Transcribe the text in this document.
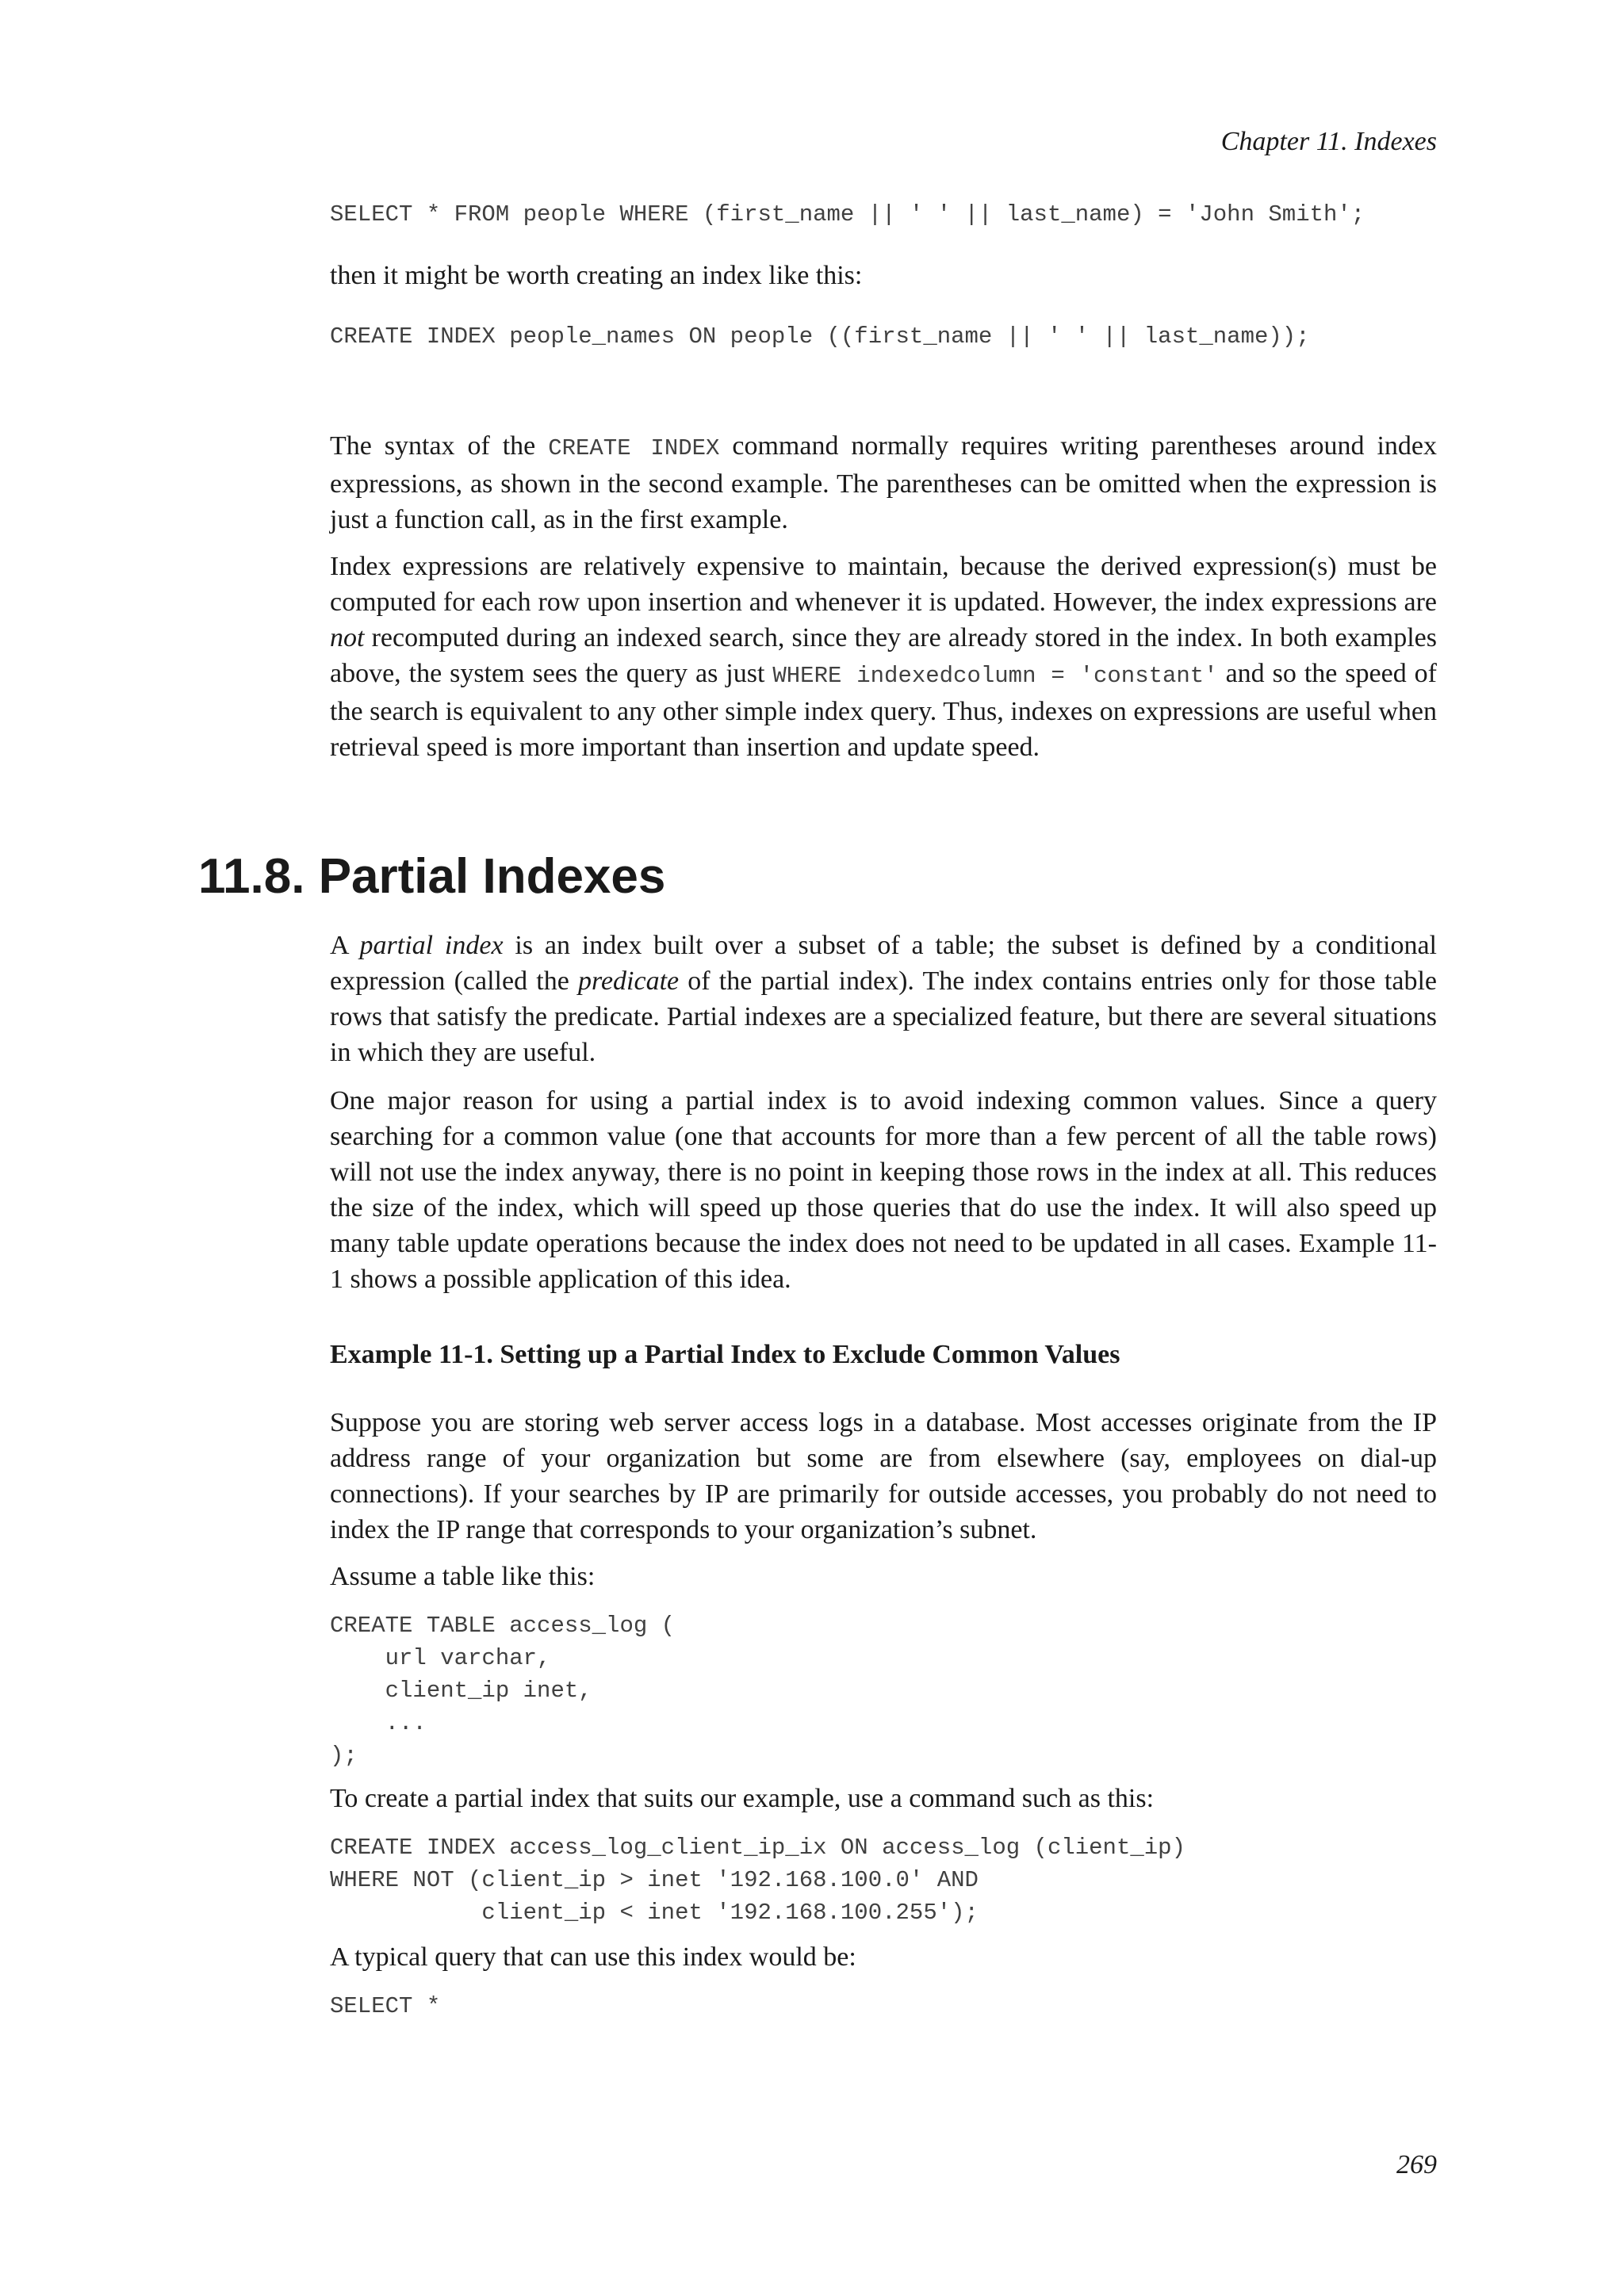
Chapter 11. Indexes
SELECT * FROM people WHERE (first_name || ' ' || last_name) = 'John Smith';

then it might be worth creating an index like this:

CREATE INDEX people_names ON people ((first_name || ' ' || last_name));

The syntax of the CREATE INDEX command normally requires writing parentheses around index expressions, as shown in the second example. The parentheses can be omitted when the expression is just a function call, as in the first example.

Index expressions are relatively expensive to maintain, because the derived expression(s) must be computed for each row upon insertion and whenever it is updated. However, the index expressions are not recomputed during an indexed search, since they are already stored in the index. In both examples above, the system sees the query as just WHERE indexedcolumn = 'constant' and so the speed of the search is equivalent to any other simple index query. Thus, indexes on expressions are useful when retrieval speed is more important than insertion and update speed.

11.8. Partial Indexes

A partial index is an index built over a subset of a table; the subset is defined by a conditional expression (called the predicate of the partial index). The index contains entries only for those table rows that satisfy the predicate. Partial indexes are a specialized feature, but there are several situations in which they are useful.

One major reason for using a partial index is to avoid indexing common values. Since a query searching for a common value (one that accounts for more than a few percent of all the table rows) will not use the index anyway, there is no point in keeping those rows in the index at all. This reduces the size of the index, which will speed up those queries that do use the index. It will also speed up many table update operations because the index does not need to be updated in all cases. Example 11-1 shows a possible application of this idea.

Example 11-1. Setting up a Partial Index to Exclude Common Values

Suppose you are storing web server access logs in a database. Most accesses originate from the IP address range of your organization but some are from elsewhere (say, employees on dial-up connections). If your searches by IP are primarily for outside accesses, you probably do not need to index the IP range that corresponds to your organization’s subnet.

Assume a table like this:

CREATE TABLE access_log (
url varchar,
client_ip inet,
...
);

To create a partial index that suits our example, use a command such as this:

CREATE INDEX access_log_client_ip_ix ON access_log (client_ip)
WHERE NOT (client_ip > inet '192.168.100.0' AND
client_ip < inet '192.168.100.255');

A typical query that can use this index would be:

SELECT *
269
